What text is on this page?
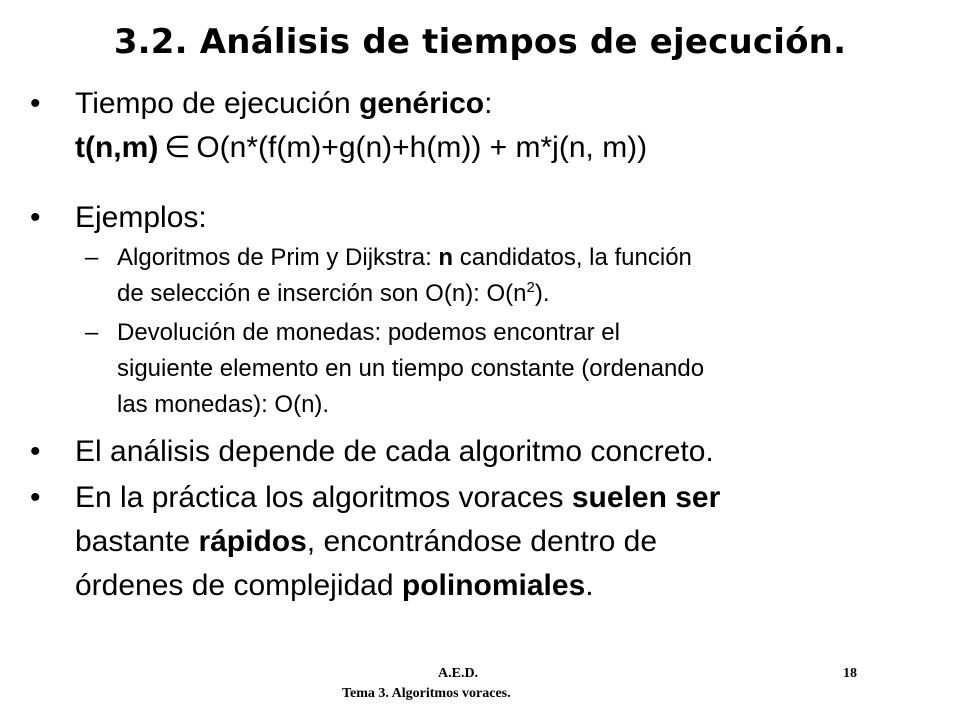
3.2. Análisis de tiempos de ejecución.
• Tiempo de ejecución genérico:
t(n,m) ∈ O(n*(f(m)+g(n)+h(m)) + m*j(n, m))
• Ejemplos:
– Algoritmos de Prim y Dijkstra: n candidatos, la función
de selección e inserción son O(n): $O(n^2)$.
– Devolución de monedas: podemos encontrar el
siguiente elemento en un tiempo constante (ordenando
las monedas): O(n).
• El análisis depende de cada algoritmo concreto.
• En la práctica los algoritmos voraces suelen ser
bastante rápidos, encontrándose dentro de
órdenes de complejidad polinomiales.
A.E.D.	18
Tema 3. Algoritmos voraces.
